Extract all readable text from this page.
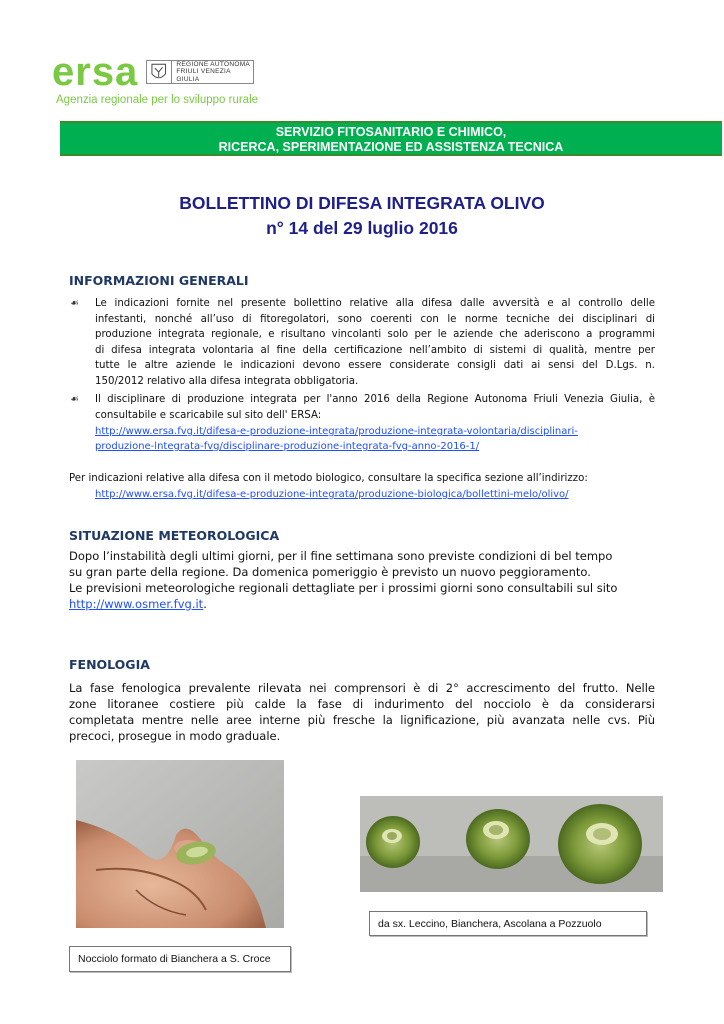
ersa	REGIONE AUTONOMA
FRIULI VENEZIA GIULIA
Agenzia regionale per lo sviluppo rurale
SERVIZIO FITOSANITARIO E CHIMICO,
RICERCA, SPERIMENTAZIONE ED ASSISTENZA TECNICA
BOLLETTINO DI DIFESA INTEGRATA OLIVO
n° 14 del 29 luglio 2016
INFORMAZIONI GENERALI
☙ Le indicazioni fornite nel presente bollettino relative alla difesa dalle avversità e al controllo delle
infestanti, nonché all’uso di fitoregolatori, sono coerenti con le norme tecniche dei disciplinari di
produzione integrata regionale, e risultano vincolanti solo per le aziende che aderiscono a programmi
di difesa integrata volontaria al fine della certificazione nell’ambito di sistemi di qualità, mentre per
tutte le altre aziende le indicazioni devono essere considerate consigli dati ai sensi del D.Lgs. n.
150/2012 relativo alla difesa integrata obbligatoria.
☙ Il disciplinare di produzione integrata per l'anno 2016 della Regione Autonoma Friuli Venezia Giulia, è
consultabile e scaricabile sul sito dell' ERSA:
http://www.ersa.fvg.it/difesa-e-produzione-integrata/produzione-integrata-volontaria/disciplinari-
produzione-lntegrata-fvg/disciplinare-produzione-integrata-fvg-anno-2016-1/
Per indicazioni relative alla difesa con il metodo biologico, consultare la specifica sezione all’indirizzo:
http://www.ersa.fvg.it/difesa-e-produzione-integrata/produzione-biologica/bollettini-melo/olivo/
SITUAZIONE METEOROLOGICA
Dopo l’instabilità degli ultimi giorni, per il fine settimana sono previste condizioni di bel tempo
su gran parte della regione. Da domenica pomeriggio è previsto un nuovo peggioramento.
Le previsioni meteorologiche regionali dettagliate per i prossimi giorni sono consultabili sul sito
http://www.osmer.fvg.it.
FENOLOGIA
La fase fenologica prevalente rilevata nei comprensori è di 2° accrescimento del frutto. Nelle
zone litoranee costiere più calde la fase di indurimento del nocciolo è da considerarsi
completata mentre nelle aree interne più fresche la lignificazione, più avanzata nelle cvs. Più
precoci, prosegue in modo graduale.
da sx. Leccino, Bianchera, Ascolana a Pozzuolo
Nocciolo formato di Bianchera a S. Croce
